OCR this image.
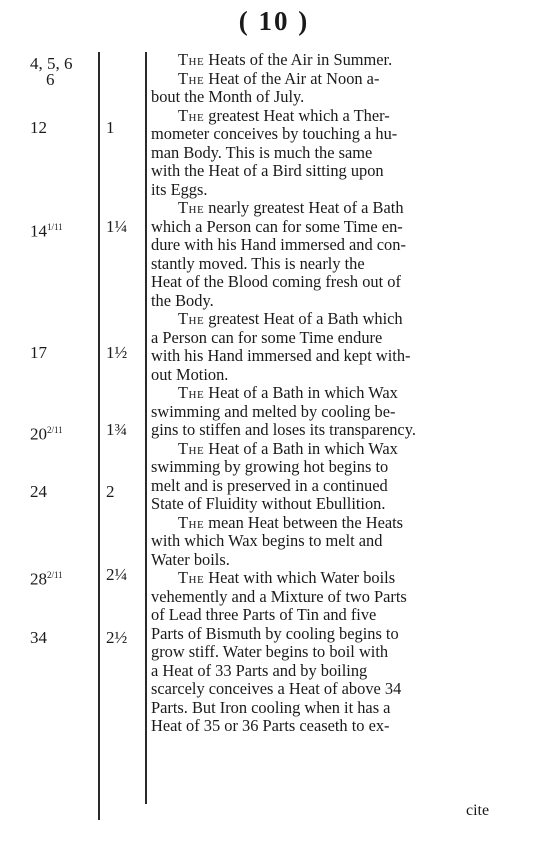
( 10 )
4, 5, 6
6
12
$14^{1/11}$
17
$20^{2/11}$
24
$28^{2/11}$
34
1
1¼
1½
1¾
2
2¼
2½
The Heats of the Air in Summer.
The Heat of the Air at Noon a-
bout the Month of July.
The greatest Heat which a Ther-
mometer conceives by touching a hu-
man Body. This is much the same
with the Heat of a Bird sitting upon
its Eggs.
The nearly greatest Heat of a Bath
which a Person can for some Time en-
dure with his Hand immersed and con-
stantly moved. This is nearly the
Heat of the Blood coming fresh out of
the Body.
The greatest Heat of a Bath which
a Person can for some Time endure
with his Hand immersed and kept with-
out Motion.
The Heat of a Bath in which Wax
swimming and melted by cooling be-
gins to stiffen and loses its transparency.
The Heat of a Bath in which Wax
swimming by growing hot begins to
melt and is preserved in a continued
State of Fluidity without Ebullition.
The mean Heat between the Heats
with which Wax begins to melt and
Water boils.
The Heat with which Water boils
vehemently and a Mixture of two Parts
of Lead three Parts of Tin and five
Parts of Bismuth by cooling begins to
grow stiff. Water begins to boil with
a Heat of 33 Parts and by boiling
scarcely conceives a Heat of above 34
Parts. But Iron cooling when it has a
Heat of 35 or 36 Parts ceaseth to ex-
cite
